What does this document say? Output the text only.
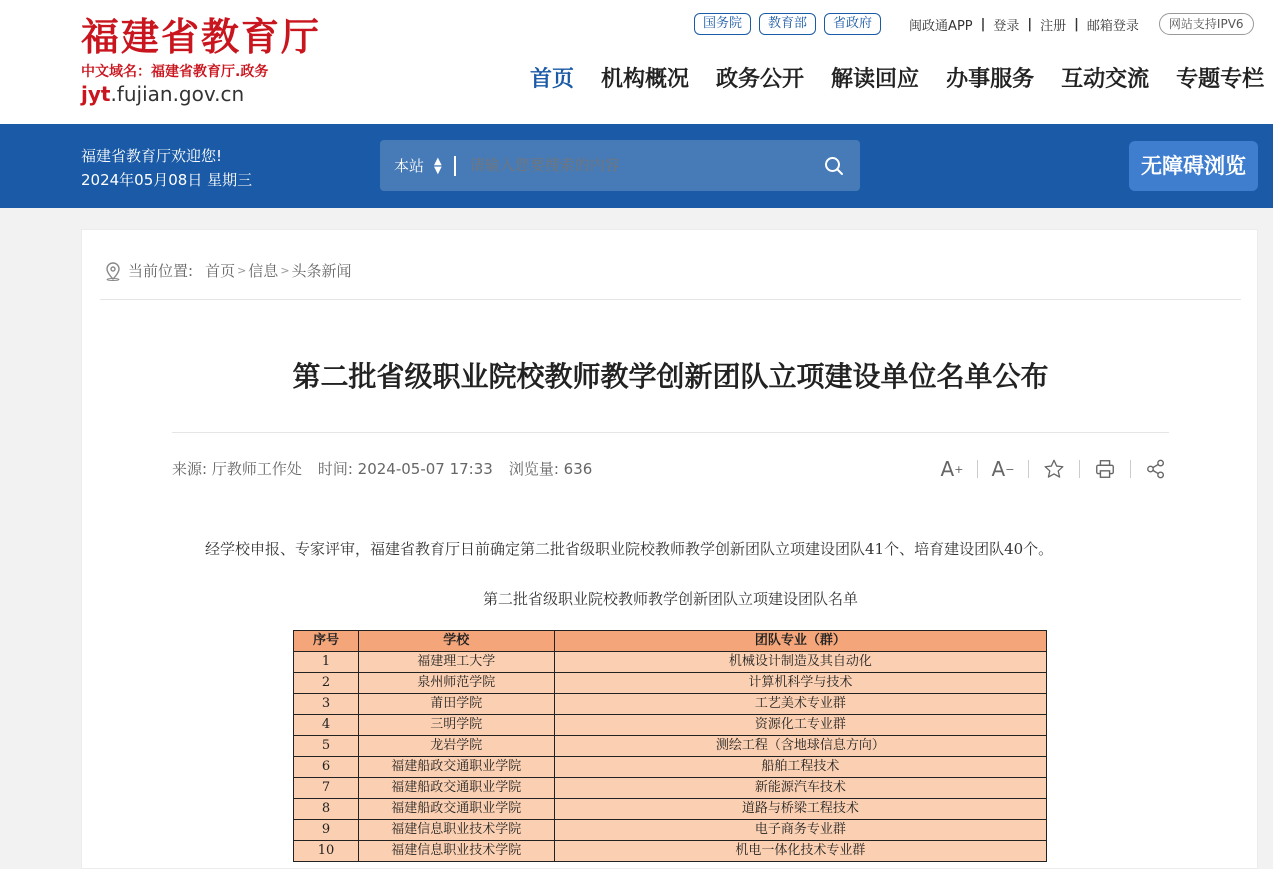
福建省教育厅
中文域名：福建省教育厅.政务
jyt.fujian.gov.cn
国务院	教育部	省政府	闽政通APP | 登录 | 注册 | 邮箱登录	网站支持IPV6
首页 机构概况 政务公开 解读回应 办事服务 互动交流 专题专栏
福建省教育厅欢迎您!
2024年05月08日 星期三
本站 ▲
▼
请输入您要搜索的内容	无障碍浏览
当前位置: 首页 > 信息 > 头条新闻
第二批省级职业院校教师教学创新团队立项建设单位名单公布
来源: 厅教师工作处 时间: 2024-05-07 17:33 浏览量: 636	A + A −

经学校申报、专家评审，福建省教育厅日前确定第二批省级职业院校教师教学创新团队立项建设团队41个、培育建设团队40个。

第二批省级职业院校教师教学创新团队立项建设团队名单

序号	学校	团队专业（群）
1	福建理工大学	机械设计制造及其自动化
2	泉州师范学院	计算机科学与技术
3	莆田学院	工艺美术专业群
4	三明学院	资源化工专业群
5	龙岩学院	测绘工程（含地球信息方向）
6	福建船政交通职业学院	船舶工程技术
7	福建船政交通职业学院	新能源汽车技术
8	福建船政交通职业学院	道路与桥梁工程技术
9	福建信息职业技术学院	电子商务专业群
10	福建信息职业技术学院	机电一体化技术专业群
